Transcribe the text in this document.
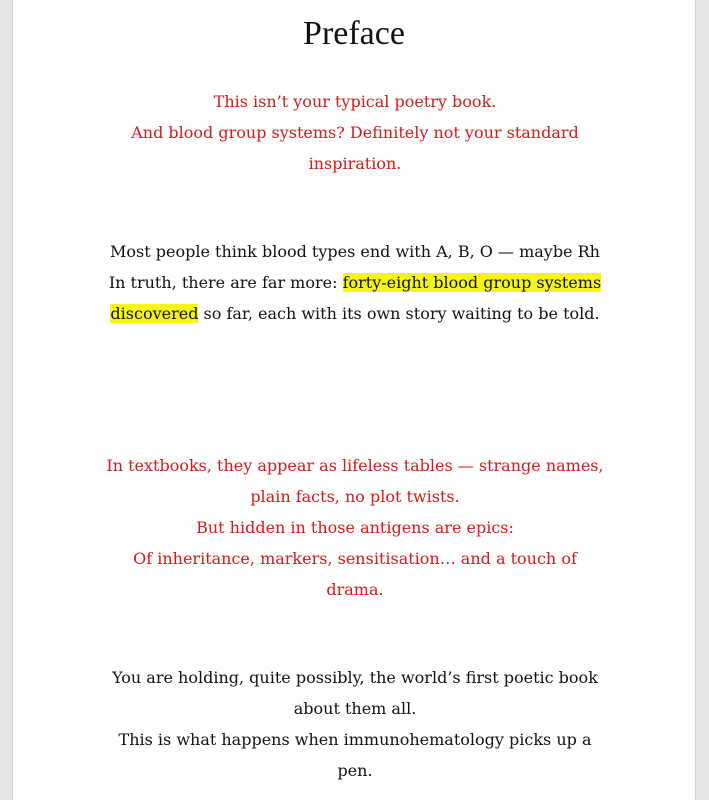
Preface

This isn’t your typical poetry book.
And blood group systems? Definitely not your standard inspiration.

Most people think blood types end with A, B, O — maybe Rh
In truth, there are far more: forty-eight blood group systems discovered so far, each with its own story waiting to be told.

In textbooks, they appear as lifeless tables — strange names, plain facts, no plot twists.
But hidden in those antigens are epics:
Of inheritance, markers, sensitisation… and a touch of drama.

You are holding, quite possibly, the world’s first poetic book about them all.
This is what happens when immunohematology picks up a pen.
